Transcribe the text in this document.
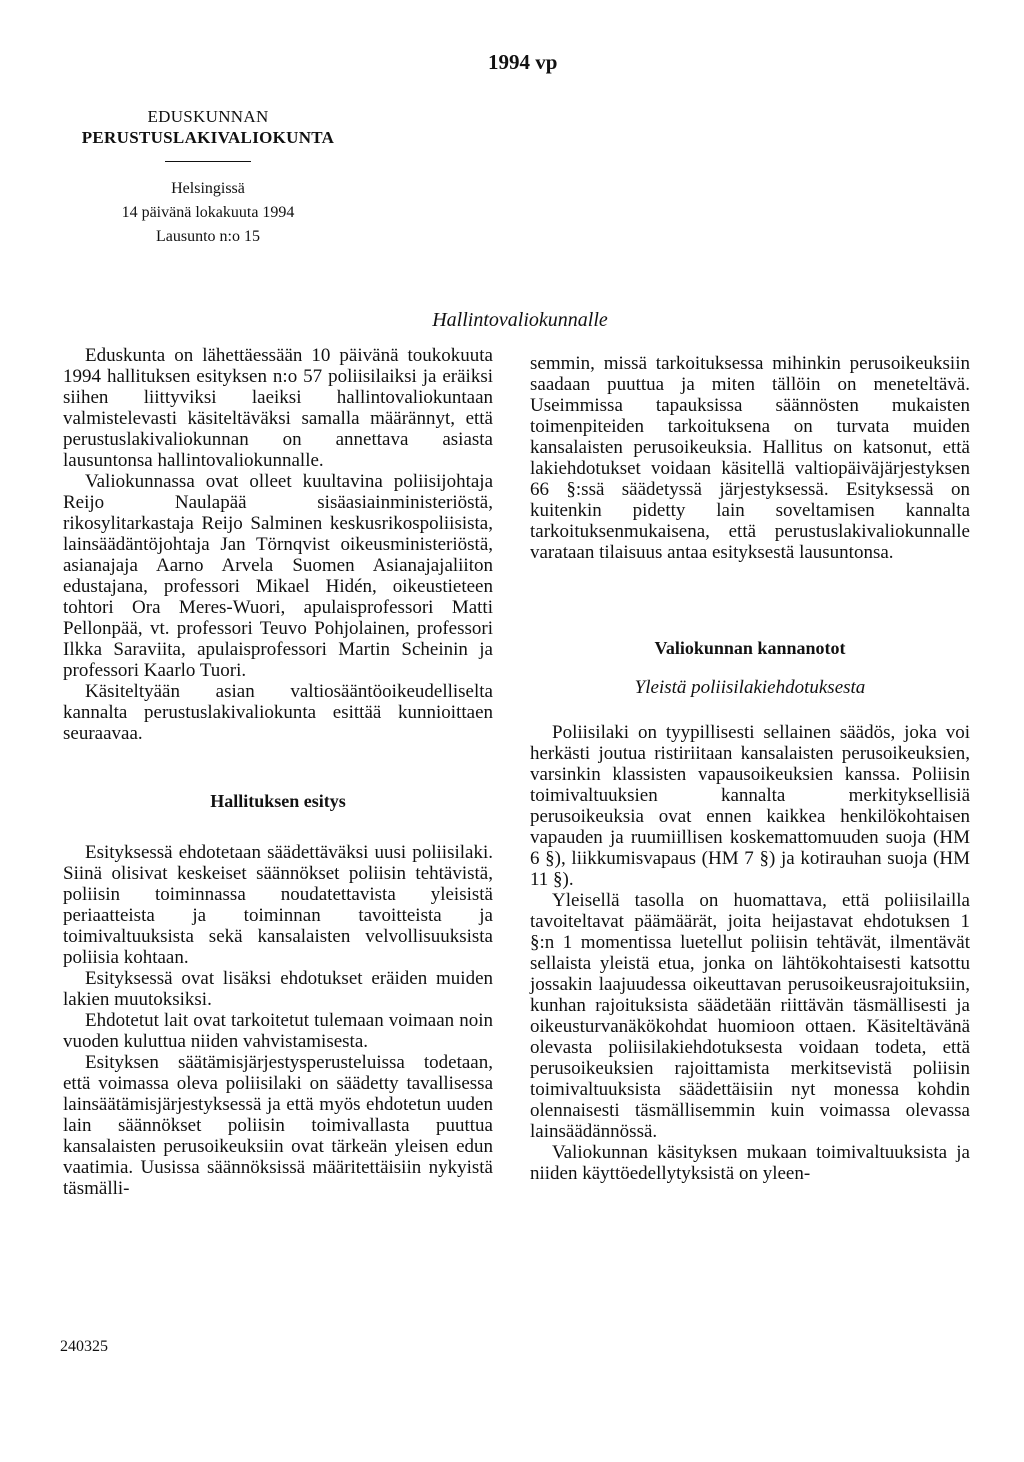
1994 vp
EDUSKUNNAN
PERUSTUSLAKIVALIOKUNTA
Helsingissä
14 päivänä lokakuuta 1994
Lausunto n:o 15
Hallintovaliokunnalle

Eduskunta on lähettäessään 10 päivänä toukokuuta 1994 hallituksen esityksen n:o 57 poliisilaiksi ja eräiksi siihen liittyviksi laeiksi hallintovaliokuntaan valmistelevasti käsiteltäväksi samalla määrännyt, että perustuslakivaliokunnan on annettava asiasta lausuntonsa hallintovaliokunnalle.

Valiokunnassa ovat olleet kuultavina poliisijohtaja Reijo Naulapää sisäasiainministeriöstä, rikosylitarkastaja Reijo Salminen keskusrikospoliisista, lainsäädäntöjohtaja Jan Törnqvist oikeusministeriöstä, asianajaja Aarno Arvela Suomen Asianajajaliiton edustajana, professori Mikael Hidén, oikeustieteen tohtori Ora Meres-Wuori, apulaisprofessori Matti Pellonpää, vt. professori Teuvo Pohjolainen, professori Ilkka Saraviita, apulaisprofessori Martin Scheinin ja professori Kaarlo Tuori.

Käsiteltyään asian valtiosääntöoikeudelliselta kannalta perustuslakivaliokunta esittää kunnioittaen seuraavaa.

Hallituksen esitys

Esityksessä ehdotetaan säädettäväksi uusi poliisilaki. Siinä olisivat keskeiset säännökset poliisin tehtävistä, poliisin toiminnassa noudatettavista yleisistä periaatteista ja toiminnan tavoitteista ja toimivaltuuksista sekä kansalaisten velvollisuuksista poliisia kohtaan.

Esityksessä ovat lisäksi ehdotukset eräiden muiden lakien muutoksiksi.

Ehdotetut lait ovat tarkoitetut tulemaan voimaan noin vuoden kuluttua niiden vahvistamisesta.

Esityksen säätämisjärjestysperusteluissa todetaan, että voimassa oleva poliisilaki on säädetty tavallisessa lainsäätämisjärjestyksessä ja että myös ehdotetun uuden lain säännökset poliisin toimivallasta puuttua kansalaisten perusoikeuksiin ovat tärkeän yleisen edun vaatimia. Uusissa säännöksissä määritettäisiin nykyistä täsmälli-

semmin, missä tarkoituksessa mihinkin perusoikeuksiin saadaan puuttua ja miten tällöin on meneteltävä. Useimmissa tapauksissa säännösten mukaisten toimenpiteiden tarkoituksena on turvata muiden kansalaisten perusoikeuksia. Hallitus on katsonut, että lakiehdotukset voidaan käsitellä valtiopäiväjärjestyksen 66 §:ssä säädetyssä järjestyksessä. Esityksessä on kuitenkin pidetty lain soveltamisen kannalta tarkoituksenmukaisena, että perustuslakivaliokunnalle varataan tilaisuus antaa esityksestä lausuntonsa.

Valiokunnan kannanotot

Yleistä poliisilakiehdotuksesta

Poliisilaki on tyypillisesti sellainen säädös, joka voi herkästi joutua ristiriitaan kansalaisten perusoikeuksien, varsinkin klassisten vapausoikeuksien kanssa. Poliisin toimivaltuuksien kannalta merkityksellisiä perusoikeuksia ovat ennen kaikkea henkilökohtaisen vapauden ja ruumiillisen koskemattomuuden suoja (HM 6 §), liikkumisvapaus (HM 7 §) ja kotirauhan suoja (HM 11 §).

Yleisellä tasolla on huomattava, että poliisilailla tavoiteltavat päämäärät, joita heijastavat ehdotuksen 1 §:n 1 momentissa luetellut poliisin tehtävät, ilmentävät sellaista yleistä etua, jonka on lähtökohtaisesti katsottu jossakin laajuudessa oikeuttavan perusoikeusrajoituksiin, kunhan rajoituksista säädetään riittävän täsmällisesti ja oikeusturvanäkökohdat huomioon ottaen. Käsiteltävänä olevasta poliisilakiehdotuksesta voidaan todeta, että perusoikeuksien rajoittamista merkitsevistä poliisin toimivaltuuksista säädettäisiin nyt monessa kohdin olennaisesti täsmällisemmin kuin voimassa olevassa lainsäädännössä.

Valiokunnan käsityksen mukaan toimivaltuuksista ja niiden käyttöedellytyksistä on yleen-

240325
